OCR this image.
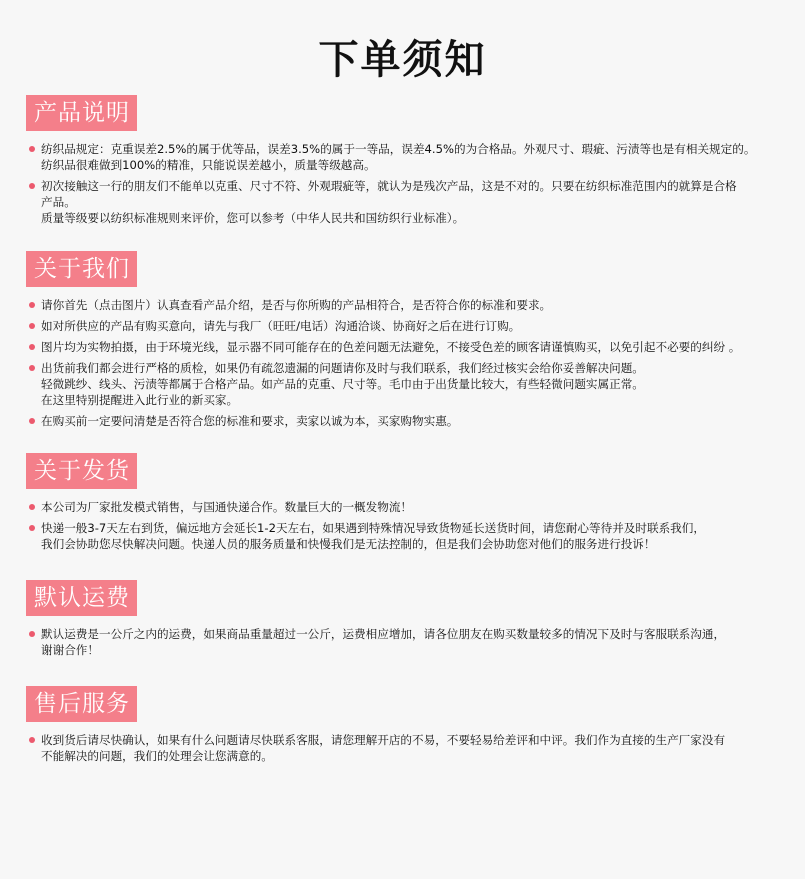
下单须知
产品说明
纺织品规定：克重误差2.5%的属于优等品，误差3.5%的属于一等品，误差4.5%的为合格品。外观尺寸、瑕疵、污渍等也是有相关规定的。
纺织品很难做到100%的精准，只能说误差越小，质量等级越高。
初次接触这一行的朋友们不能单以克重、尺寸不符、外观瑕疵等，就认为是残次产品，这是不对的。只要在纺织标准范围内的就算是合格
产品。
质量等级要以纺织标准规则来评价，您可以参考（中华人民共和国纺织行业标准）。
关于我们
请你首先（点击图片）认真查看产品介绍，是否与你所购的产品相符合，是否符合你的标准和要求。
如对所供应的产品有购买意向，请先与我厂（旺旺/电话）沟通洽谈、协商好之后在进行订购。
图片均为实物拍摄，由于环境光线，显示器不同可能存在的色差问题无法避免，不接受色差的顾客请谨慎购买，以免引起不必要的纠纷 。
出货前我们都会进行严格的质检，如果仍有疏忽遗漏的问题请你及时与我们联系，我们经过核实会给你妥善解决问题。
轻微跳纱、线头、污渍等都属于合格产品。如产品的克重、尺寸等。毛巾由于出货量比较大，有些轻微问题实属正常。
在这里特别提醒进入此行业的新买家。
在购买前一定要问清楚是否符合您的标准和要求，卖家以诚为本，买家购物实惠。
关于发货
本公司为厂家批发模式销售，与国通快递合作。数量巨大的一概发物流！
快递一般3-7天左右到货，偏远地方会延长1-2天左右，如果遇到特殊情况导致货物延长送货时间，请您耐心等待并及时联系我们，
我们会协助您尽快解决问题。快递人员的服务质量和快慢我们是无法控制的，但是我们会协助您对他们的服务进行投诉！
默认运费
默认运费是一公斤之内的运费，如果商品重量超过一公斤，运费相应增加，请各位朋友在购买数量较多的情况下及时与客服联系沟通，
谢谢合作！
售后服务
收到货后请尽快确认，如果有什么问题请尽快联系客服，请您理解开店的不易，不要轻易给差评和中评。我们作为直接的生产厂家没有
不能解决的问题，我们的处理会让您满意的。
